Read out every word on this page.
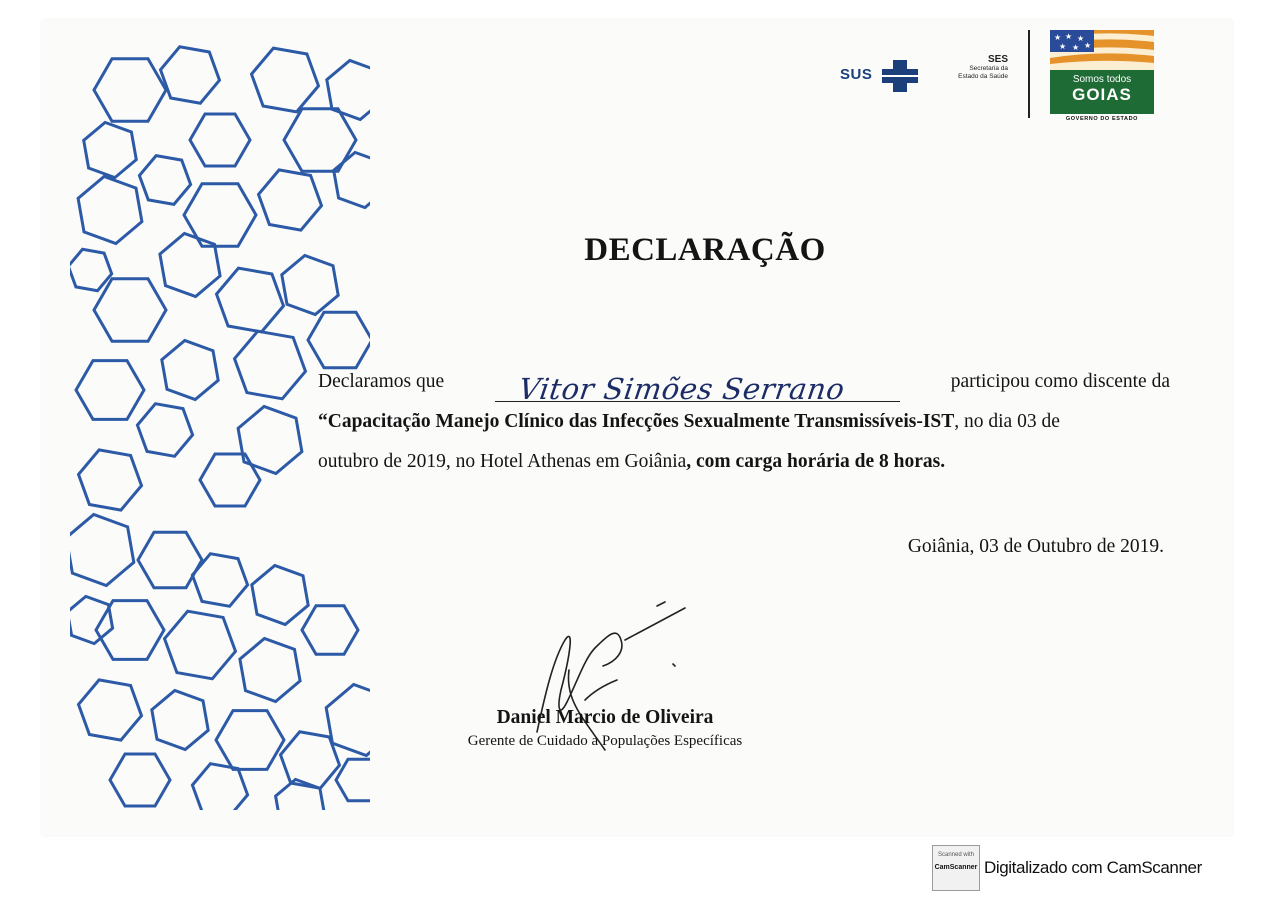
SUS
SES
Secretaria da Estado da Saúde
★ ★ ★
★ ★ ★
Somos todos
GOIAS
GOVERNO DO ESTADO
DECLARAÇÃO
Declaramos que Vitor Simões Serrano	participou como discente da
“Capacitação Manejo Clínico das Infecções Sexualmente Transmissíveis-IST, no dia 03 de
outubro de 2019, no Hotel Athenas em Goiânia, com carga horária de 8 horas.
Goiânia, 03 de Outubro de 2019.
Daniel Marcio de Oliveira
Gerente de Cuidado a Populações Específicas
Scanned with
CamScanner Digitalizado com CamScanner
